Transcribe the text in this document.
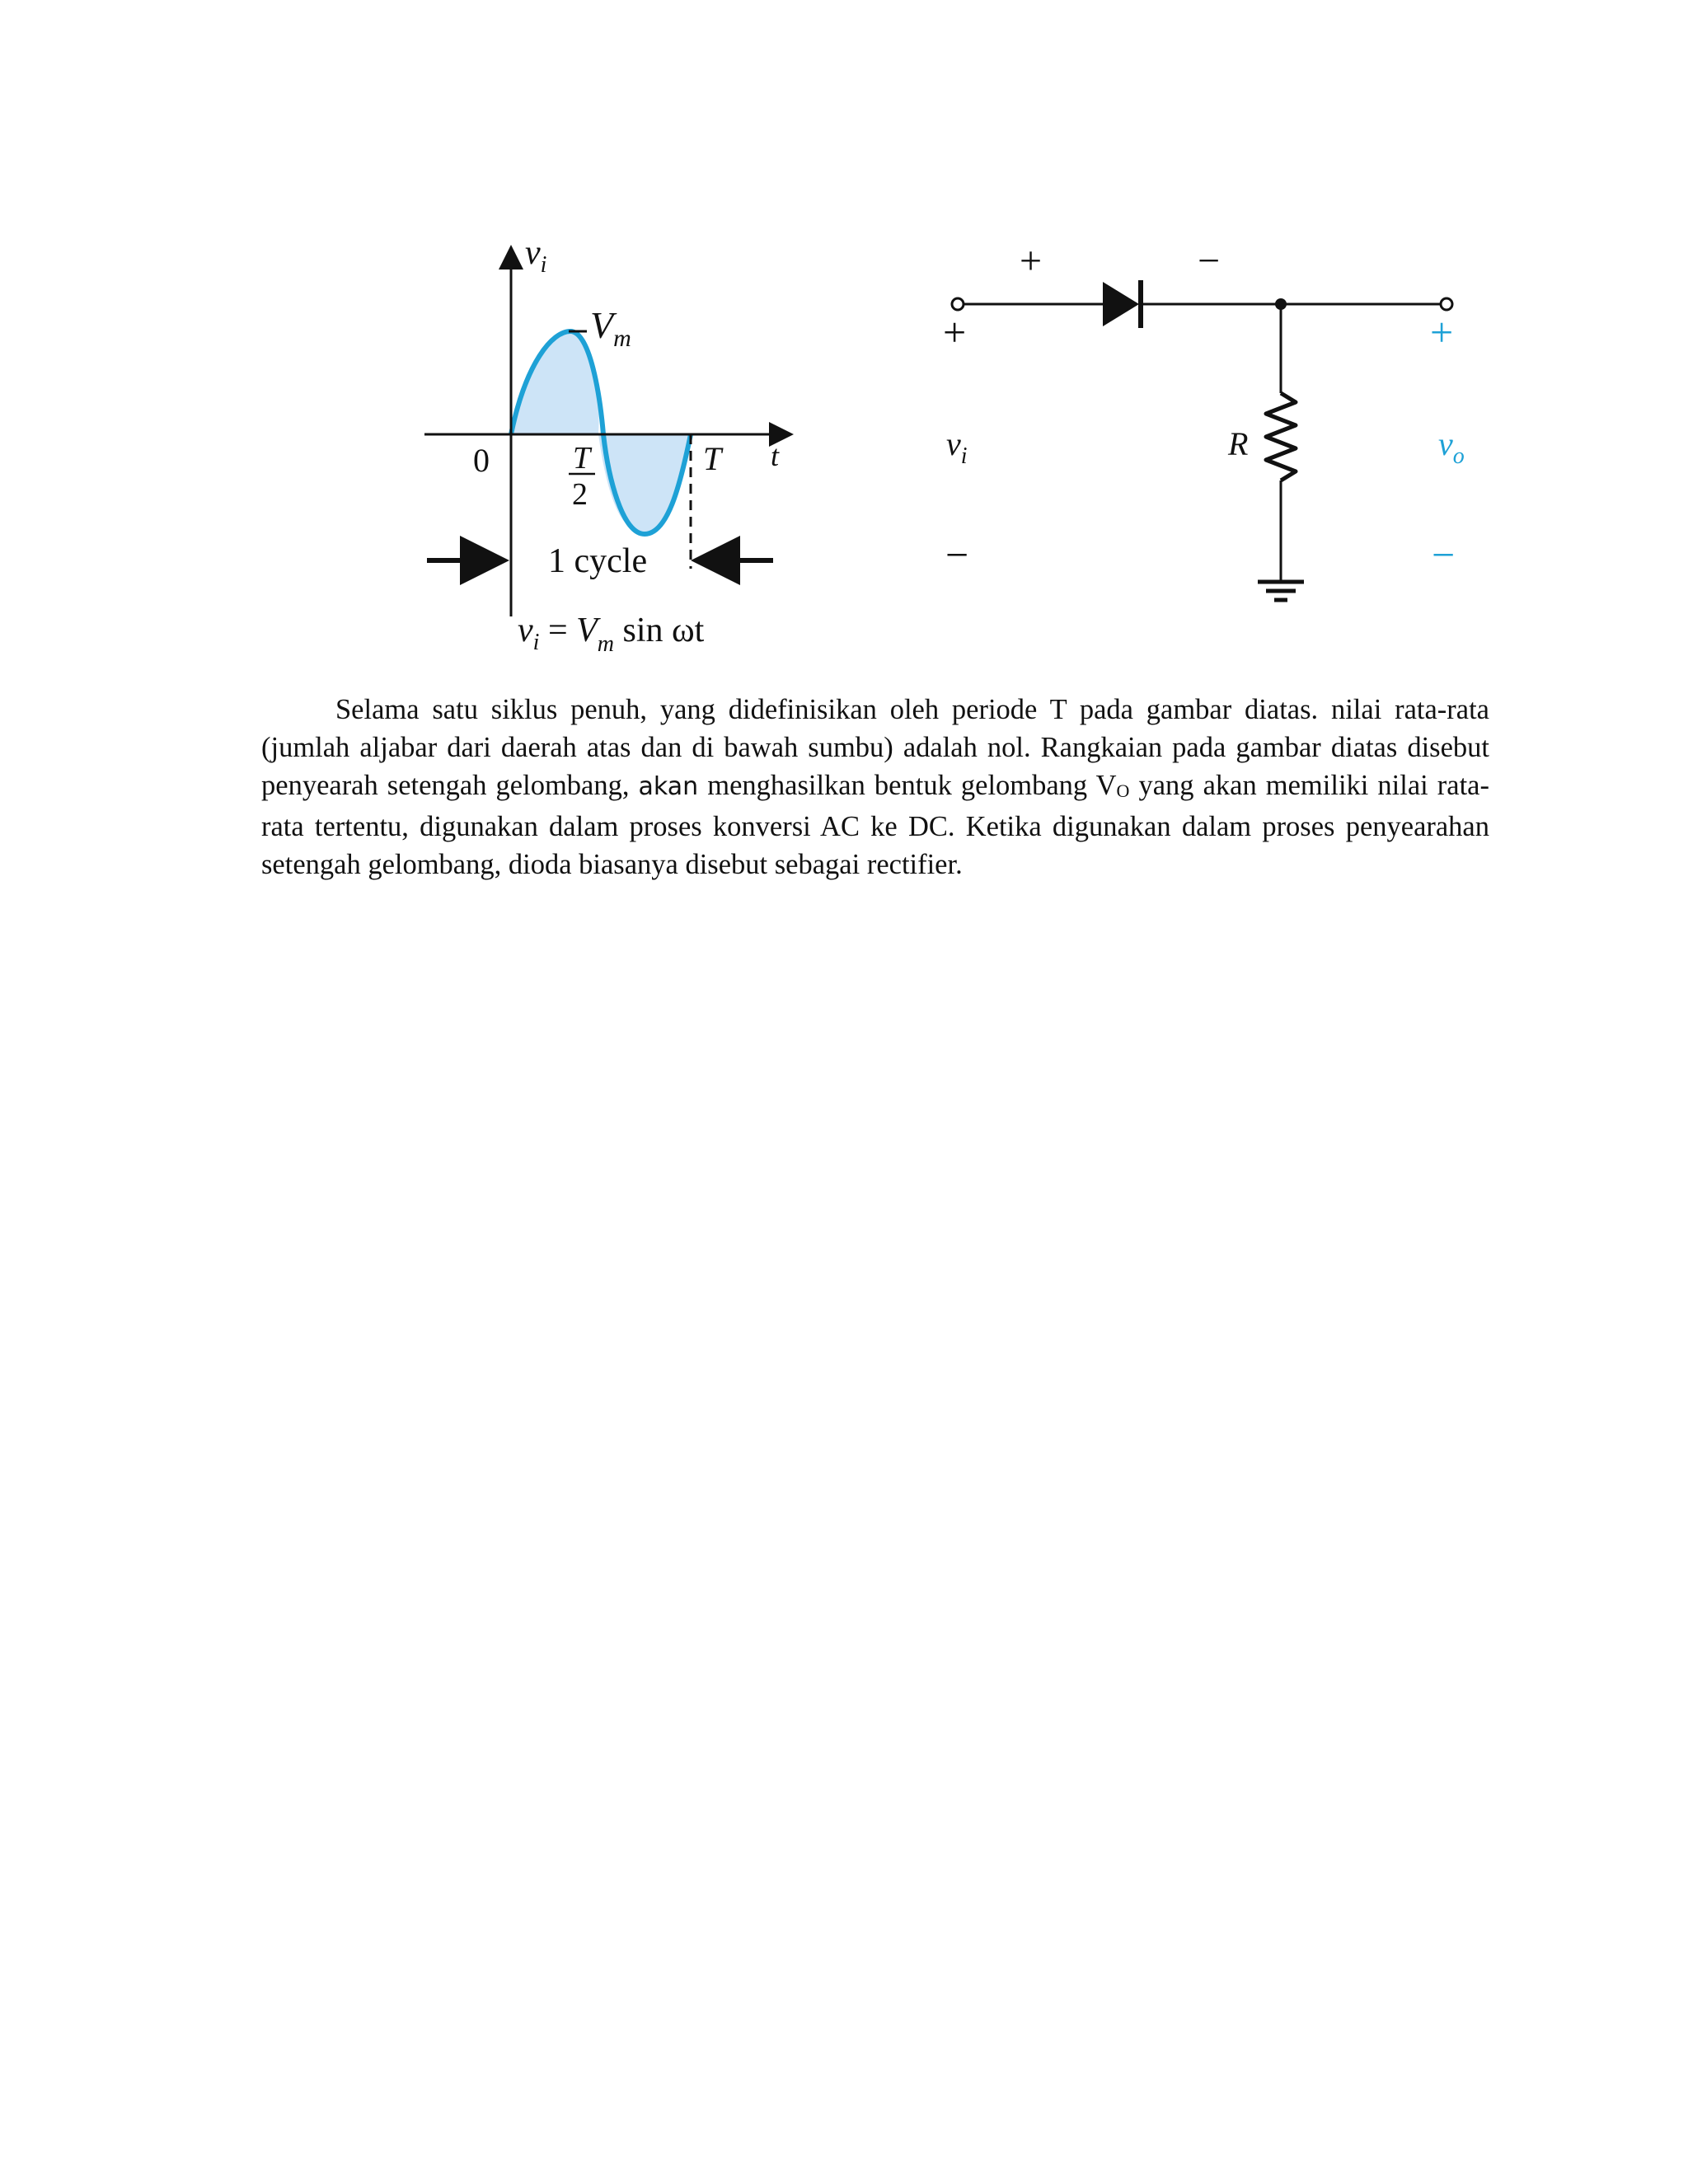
$v_i$
$V_m$
0	T
2
T t
1 cycle
$v_i = V_m$ sin ωt
+	−
+
$v_i$
−
R
+
$v_o$
−

Selama satu siklus penuh, yang didefinisikan oleh periode T pada gambar diatas. nilai rata-rata (jumlah aljabar dari daerah atas dan di bawah sumbu) adalah nol. Rangkaian pada gambar diatas disebut penyearah setengah gelombang, akan menghasilkan bentuk gelombang $V_O$ yang akan memiliki nilai rata-rata tertentu, digunakan dalam proses konversi AC ke DC. Ketika digunakan dalam proses penyearahan setengah gelombang, dioda biasanya disebut sebagai rectifier.
